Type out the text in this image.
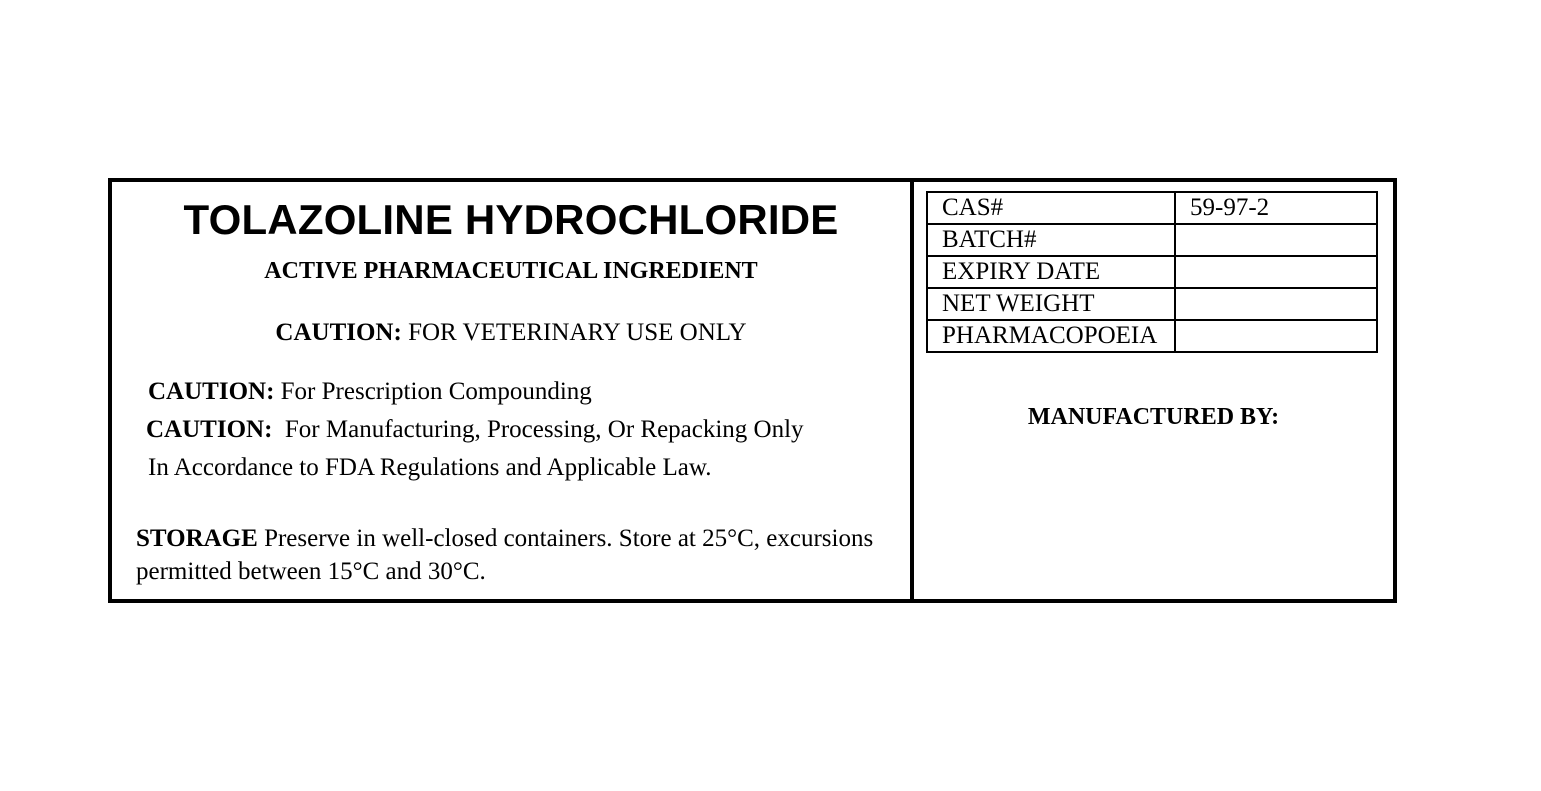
TOLAZOLINE HYDROCHLORIDE
ACTIVE PHARMACEUTICAL INGREDIENT
CAUTION: FOR VETERINARY USE ONLY
CAUTION: For Prescription Compounding
CAUTION:  For Manufacturing, Processing, Or Repacking Only
In Accordance to FDA Regulations and Applicable Law.
STORAGE Preserve in well-closed containers. Store at 25°C, excursions permitted between 15°C and 30°C.
CAS#	59-97-2
BATCH#	
EXPIRY DATE	
NET WEIGHT	
PHARMACOPOEIA	
MANUFACTURED BY:
